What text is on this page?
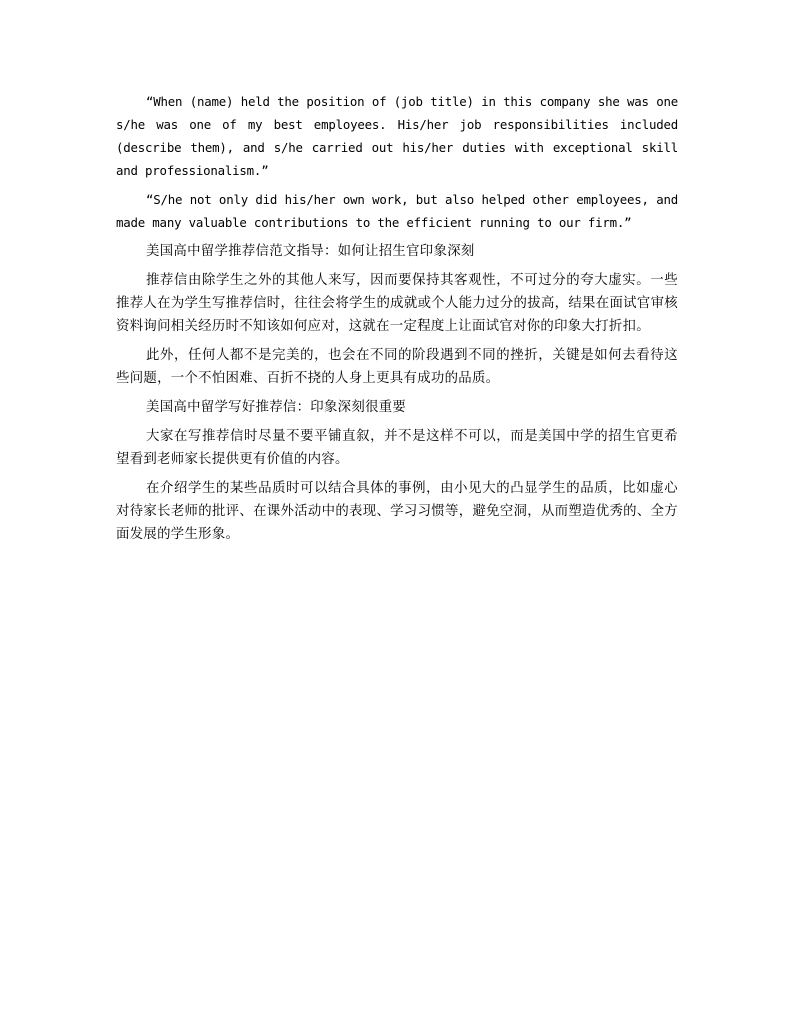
“When (name) held the position of (job title) in this company she was one s/he was one of my best employees. His/her job responsibilities included (describe them), and s/he carried out his/her duties with exceptional skill and professionalism.”

“S/he not only did his/her own work, but also helped other employees, and made many valuable contributions to the efficient running to our firm.”

美国高中留学推荐信范文指导：如何让招生官印象深刻

推荐信由除学生之外的其他人来写，因而要保持其客观性，不可过分的夸大虚实。一些推荐人在为学生写推荐信时，往往会将学生的成就或个人能力过分的拔高，结果在面试官审核资料询问相关经历时不知该如何应对，这就在一定程度上让面试官对你的印象大打折扣。

此外，任何人都不是完美的，也会在不同的阶段遇到不同的挫折，关键是如何去看待这些问题，一个不怕困难、百折不挠的人身上更具有成功的品质。

美国高中留学写好推荐信：印象深刻很重要

大家在写推荐信时尽量不要平铺直叙，并不是这样不可以，而是美国中学的招生官更希望看到老师家长提供更有价值的内容。

在介绍学生的某些品质时可以结合具体的事例，由小见大的凸显学生的品质，比如虚心对待家长老师的批评、在课外活动中的表现、学习习惯等，避免空洞，从而塑造优秀的、全方面发展的学生形象。
